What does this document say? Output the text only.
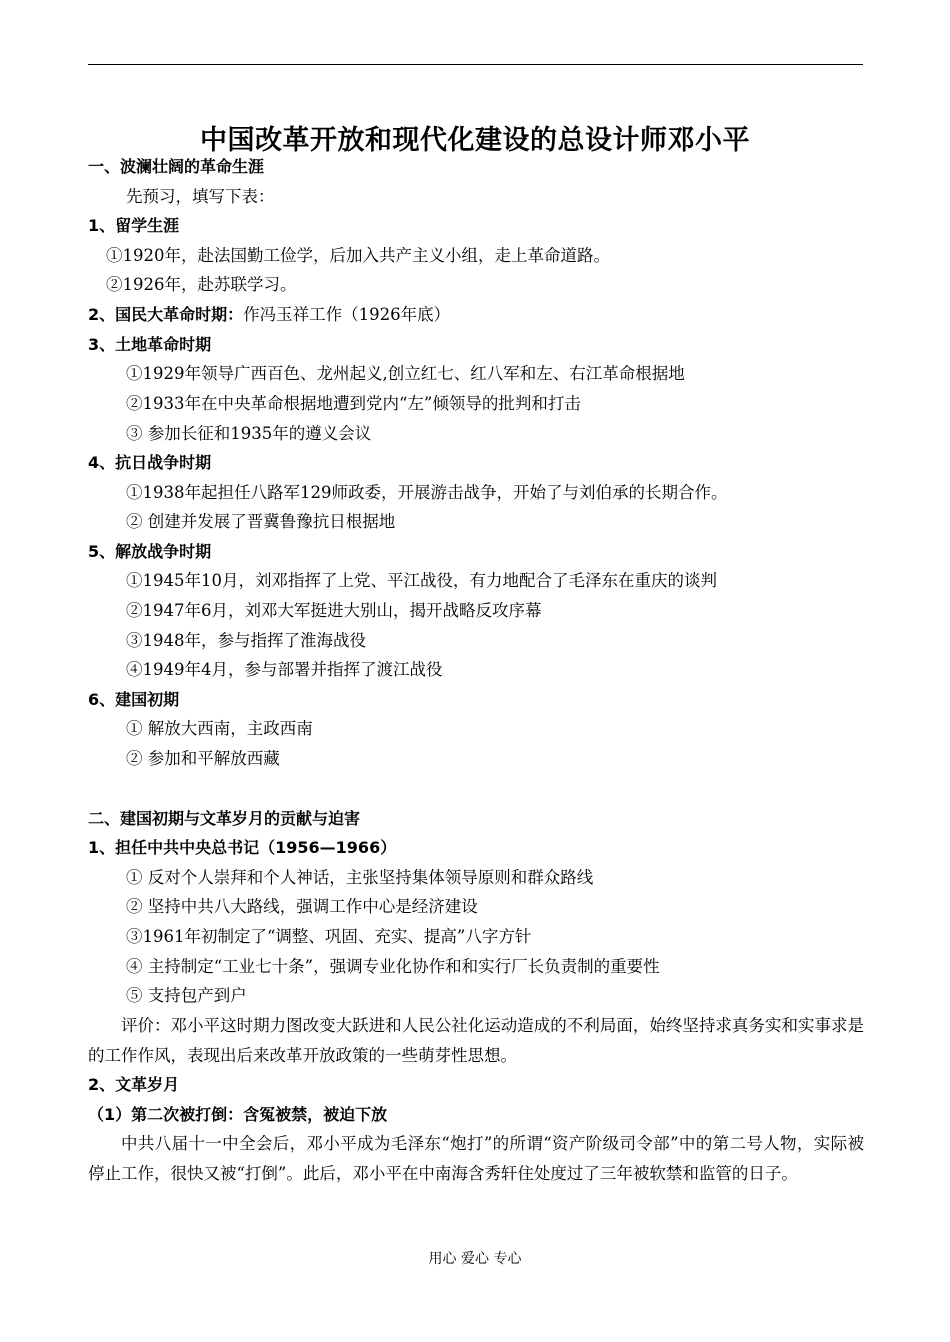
中国改革开放和现代化建设的总设计师邓小平
一、波澜壮阔的革命生涯
先预习，填写下表：
1、留学生涯
①1920年，赴法国勤工俭学，后加入共产主义小组，走上革命道路。
②1926年，赴苏联学习。
2、国民大革命时期：作冯玉祥工作（1926年底）
3、土地革命时期
①1929年领导广西百色、龙州起义,创立红七、红八军和左、右江革命根据地
②1933年在中央革命根据地遭到党内“左”倾领导的批判和打击
③ 参加长征和1935年的遵义会议
4、抗日战争时期
①1938年起担任八路军129师政委，开展游击战争，开始了与刘伯承的长期合作。
② 创建并发展了晋冀鲁豫抗日根据地
5、解放战争时期
①1945年10月，刘邓指挥了上党、平江战役，有力地配合了毛泽东在重庆的谈判
②1947年6月，刘邓大军挺进大别山，揭开战略反攻序幕
③1948年，参与指挥了淮海战役
④1949年4月，参与部署并指挥了渡江战役
6、建国初期
① 解放大西南，主政西南
② 参加和平解放西藏
二、建国初期与文革岁月的贡献与迫害
1、担任中共中央总书记（1956—1966）
① 反对个人崇拜和个人神话，主张坚持集体领导原则和群众路线
② 坚持中共八大路线，强调工作中心是经济建设
③1961年初制定了“调整、巩固、充实、提高”八字方针
④ 主持制定“工业七十条”，强调专业化协作和和实行厂长负责制的重要性
⑤ 支持包产到户
评价：邓小平这时期力图改变大跃进和人民公社化运动造成的不利局面，始终坚持求真务实和实事求是的工作作风，表现出后来改革开放政策的一些萌芽性思想。
2、文革岁月
（1）第二次被打倒：含冤被禁，被迫下放
中共八届十一中全会后，邓小平成为毛泽东“炮打”的所谓“资产阶级司令部”中的第二号人物，实际被停止工作，很快又被“打倒”。此后，邓小平在中南海含秀轩住处度过了三年被软禁和监管的日子。
用心 爱心 专心
